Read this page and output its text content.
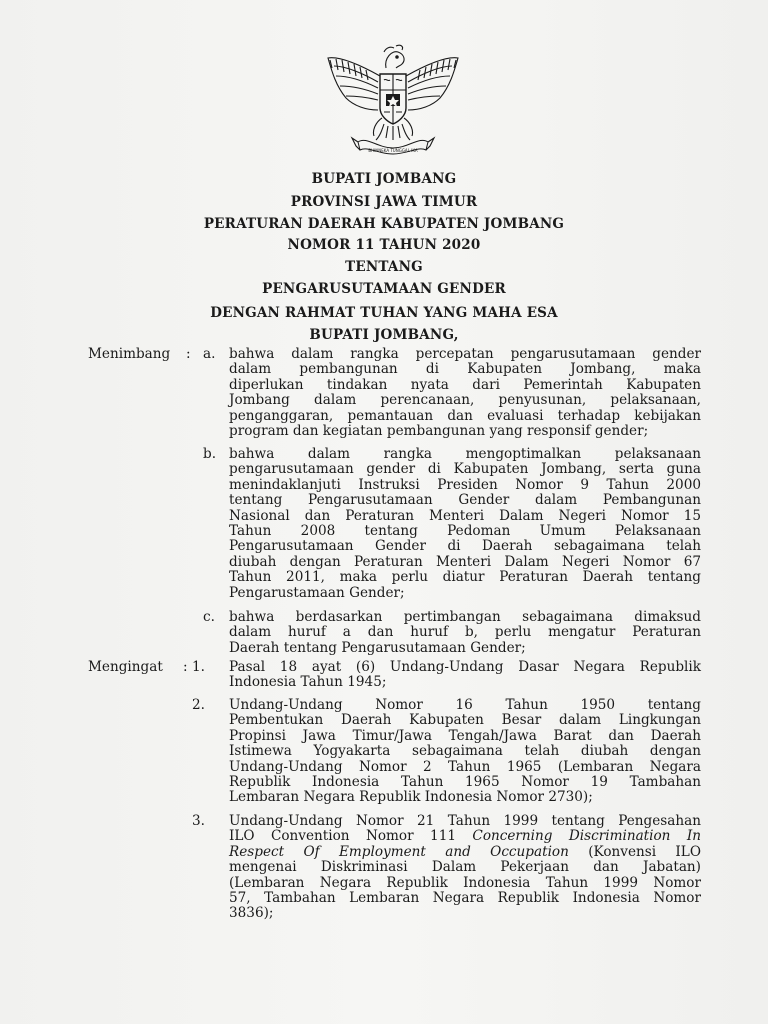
BHINNEKA TUNGGAL IKA
BUPATI JOMBANG
PROVINSI JAWA TIMUR
PERATURAN DAERAH KABUPATEN JOMBANG
NOMOR 11 TAHUN 2020
TENTANG
PENGARUSUTAMAAN GENDER
DENGAN RAHMAT TUHAN YANG MAHA ESA
BUPATI JOMBANG,
Menimbang : a. bahwa dalam rangka percepatan pengarusutamaan gender
dalam pembangunan di Kabupaten Jombang, maka
diperlukan tindakan nyata dari Pemerintah Kabupaten
Jombang dalam perencanaan, penyusunan, pelaksanaan,
penganggaran, pemantauan dan evaluasi terhadap kebijakan
program dan kegiatan pembangunan yang responsif gender;
b. bahwa dalam rangka mengoptimalkan pelaksanaan
pengarusutamaan gender di Kabupaten Jombang, serta guna
menindaklanjuti Instruksi Presiden Nomor 9 Tahun 2000
tentang Pengarusutamaan Gender dalam Pembangunan
Nasional dan Peraturan Menteri Dalam Negeri Nomor 15
Tahun 2008 tentang Pedoman Umum Pelaksanaan
Pengarusutamaan Gender di Daerah sebagaimana telah
diubah dengan Peraturan Menteri Dalam Negeri Nomor 67
Tahun 2011, maka perlu diatur Peraturan Daerah tentang
Pengarustamaan Gender;
c. bahwa berdasarkan pertimbangan sebagaimana dimaksud
dalam huruf a dan huruf b, perlu mengatur Peraturan
Daerah tentang Pengarusutamaan Gender;
Mengingat : 1. Pasal 18 ayat (6) Undang-Undang Dasar Negara Republik
Indonesia Tahun 1945;
2. Undang-Undang Nomor 16 Tahun 1950 tentang
Pembentukan Daerah Kabupaten Besar dalam Lingkungan
Propinsi Jawa Timur/Jawa Tengah/Jawa Barat dan Daerah
Istimewa Yogyakarta sebagaimana telah diubah dengan
Undang-Undang Nomor 2 Tahun 1965 (Lembaran Negara
Republik Indonesia Tahun 1965 Nomor 19 Tambahan
Lembaran Negara Republik Indonesia Nomor 2730);
3. Undang-Undang Nomor 21 Tahun 1999 tentang Pengesahan
ILO Convention Nomor 111 Concerning Discrimination In
Respect Of Employment and Occupation (Konvensi ILO
mengenai Diskriminasi Dalam Pekerjaan dan Jabatan)
(Lembaran Negara Republik Indonesia Tahun 1999 Nomor
57, Tambahan Lembaran Negara Republik Indonesia Nomor
3836);
